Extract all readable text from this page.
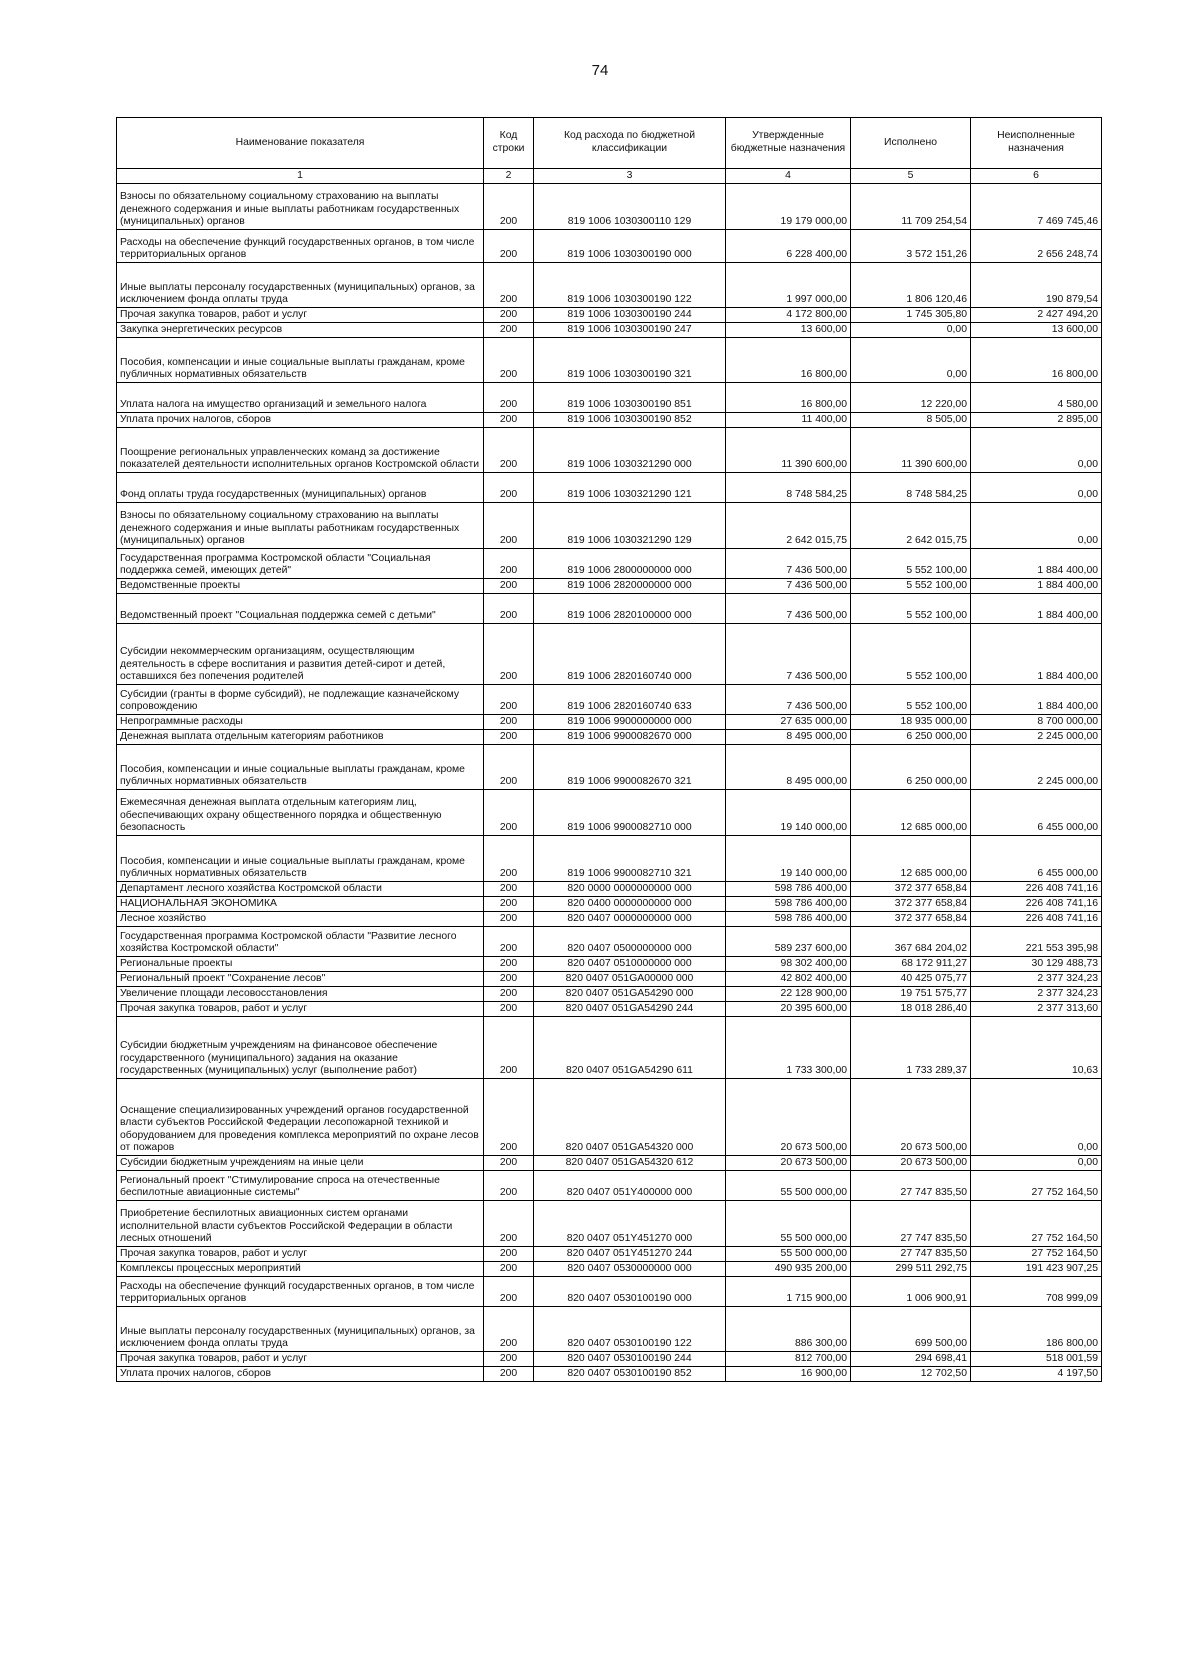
74
Наименование показателя	Код строки	Код расхода по бюджетной классификации	Утвержденные бюджетные назначения	Исполнено	Неисполненные назначения
1	2	3	4	5	6
Взносы по обязательному социальному страхованию на выплаты денежного содержания и иные выплаты работникам государственных (муниципальных) органов	200	819 1006 1030300110 129	19 179 000,00	11 709 254,54	7 469 745,46
Расходы на обеспечение функций государственных органов, в том числе территориальных органов	200	819 1006 1030300190 000	6 228 400,00	3 572 151,26	2 656 248,74
Иные выплаты персоналу государственных (муниципальных) органов, за исключением фонда оплаты труда	200	819 1006 1030300190 122	1 997 000,00	1 806 120,46	190 879,54
Прочая закупка товаров, работ и услуг	200	819 1006 1030300190 244	4 172 800,00	1 745 305,80	2 427 494,20
Закупка энергетических ресурсов	200	819 1006 1030300190 247	13 600,00	0,00	13 600,00
Пособия, компенсации и иные социальные выплаты гражданам, кроме публичных нормативных обязательств	200	819 1006 1030300190 321	16 800,00	0,00	16 800,00
Уплата налога на имущество организаций и земельного налога	200	819 1006 1030300190 851	16 800,00	12 220,00	4 580,00
Уплата прочих налогов, сборов	200	819 1006 1030300190 852	11 400,00	8 505,00	2 895,00
Поощрение региональных управленческих команд за достижение показателей деятельности исполнительных органов Костромской области	200	819 1006 1030321290 000	11 390 600,00	11 390 600,00	0,00
Фонд оплаты труда государственных (муниципальных) органов	200	819 1006 1030321290 121	8 748 584,25	8 748 584,25	0,00
Взносы по обязательному социальному страхованию на выплаты денежного содержания и иные выплаты работникам государственных (муниципальных) органов	200	819 1006 1030321290 129	2 642 015,75	2 642 015,75	0,00
Государственная программа Костромской области "Социальная поддержка семей, имеющих детей"	200	819 1006 2800000000 000	7 436 500,00	5 552 100,00	1 884 400,00
Ведомственные проекты	200	819 1006 2820000000 000	7 436 500,00	5 552 100,00	1 884 400,00
Ведомственный проект "Социальная поддержка семей с детьми"	200	819 1006 2820100000 000	7 436 500,00	5 552 100,00	1 884 400,00
Субсидии некоммерческим организациям, осуществляющим деятельность в сфере воспитания и развития детей-сирот и детей, оставшихся без попечения родителей	200	819 1006 2820160740 000	7 436 500,00	5 552 100,00	1 884 400,00
Субсидии (гранты в форме субсидий), не подлежащие казначейскому сопровождению	200	819 1006 2820160740 633	7 436 500,00	5 552 100,00	1 884 400,00
Непрограммные расходы	200	819 1006 9900000000 000	27 635 000,00	18 935 000,00	8 700 000,00
Денежная выплата отдельным категориям работников	200	819 1006 9900082670 000	8 495 000,00	6 250 000,00	2 245 000,00
Пособия, компенсации и иные социальные выплаты гражданам, кроме публичных нормативных обязательств	200	819 1006 9900082670 321	8 495 000,00	6 250 000,00	2 245 000,00
Ежемесячная денежная выплата отдельным категориям лиц, обеспечивающих охрану общественного порядка и общественную безопасность	200	819 1006 9900082710 000	19 140 000,00	12 685 000,00	6 455 000,00
Пособия, компенсации и иные социальные выплаты гражданам, кроме публичных нормативных обязательств	200	819 1006 9900082710 321	19 140 000,00	12 685 000,00	6 455 000,00
Департамент лесного хозяйства Костромской области	200	820 0000 0000000000 000	598 786 400,00	372 377 658,84	226 408 741,16
НАЦИОНАЛЬНАЯ ЭКОНОМИКА	200	820 0400 0000000000 000	598 786 400,00	372 377 658,84	226 408 741,16
Лесное хозяйство	200	820 0407 0000000000 000	598 786 400,00	372 377 658,84	226 408 741,16
Государственная программа Костромской области "Развитие лесного хозяйства Костромской области"	200	820 0407 0500000000 000	589 237 600,00	367 684 204,02	221 553 395,98
Региональные проекты	200	820 0407 0510000000 000	98 302 400,00	68 172 911,27	30 129 488,73
Региональный проект "Сохранение лесов"	200	820 0407 051GA00000 000	42 802 400,00	40 425 075,77	2 377 324,23
Увеличение площади лесовосстановления	200	820 0407 051GA54290 000	22 128 900,00	19 751 575,77	2 377 324,23
Прочая закупка товаров, работ и услуг	200	820 0407 051GA54290 244	20 395 600,00	18 018 286,40	2 377 313,60
Субсидии бюджетным учреждениям на финансовое обеспечение государственного (муниципального) задания на оказание государственных (муниципальных) услуг (выполнение работ)	200	820 0407 051GA54290 611	1 733 300,00	1 733 289,37	10,63
Оснащение специализированных учреждений органов государственной власти субъектов Российской Федерации лесопожарной техникой и оборудованием для проведения комплекса мероприятий по охране лесов от пожаров	200	820 0407 051GA54320 000	20 673 500,00	20 673 500,00	0,00
Субсидии бюджетным учреждениям на иные цели	200	820 0407 051GA54320 612	20 673 500,00	20 673 500,00	0,00
Региональный проект "Стимулирование спроса на отечественные беспилотные авиационные системы"	200	820 0407 051Y400000 000	55 500 000,00	27 747 835,50	27 752 164,50
Приобретение беспилотных авиационных систем органами исполнительной власти субъектов Российской Федерации в области лесных отношений	200	820 0407 051Y451270 000	55 500 000,00	27 747 835,50	27 752 164,50
Прочая закупка товаров, работ и услуг	200	820 0407 051Y451270 244	55 500 000,00	27 747 835,50	27 752 164,50
Комплексы процессных мероприятий	200	820 0407 0530000000 000	490 935 200,00	299 511 292,75	191 423 907,25
Расходы на обеспечение функций государственных органов, в том числе территориальных органов	200	820 0407 0530100190 000	1 715 900,00	1 006 900,91	708 999,09
Иные выплаты персоналу государственных (муниципальных) органов, за исключением фонда оплаты труда	200	820 0407 0530100190 122	886 300,00	699 500,00	186 800,00
Прочая закупка товаров, работ и услуг	200	820 0407 0530100190 244	812 700,00	294 698,41	518 001,59
Уплата прочих налогов, сборов	200	820 0407 0530100190 852	16 900,00	12 702,50	4 197,50
